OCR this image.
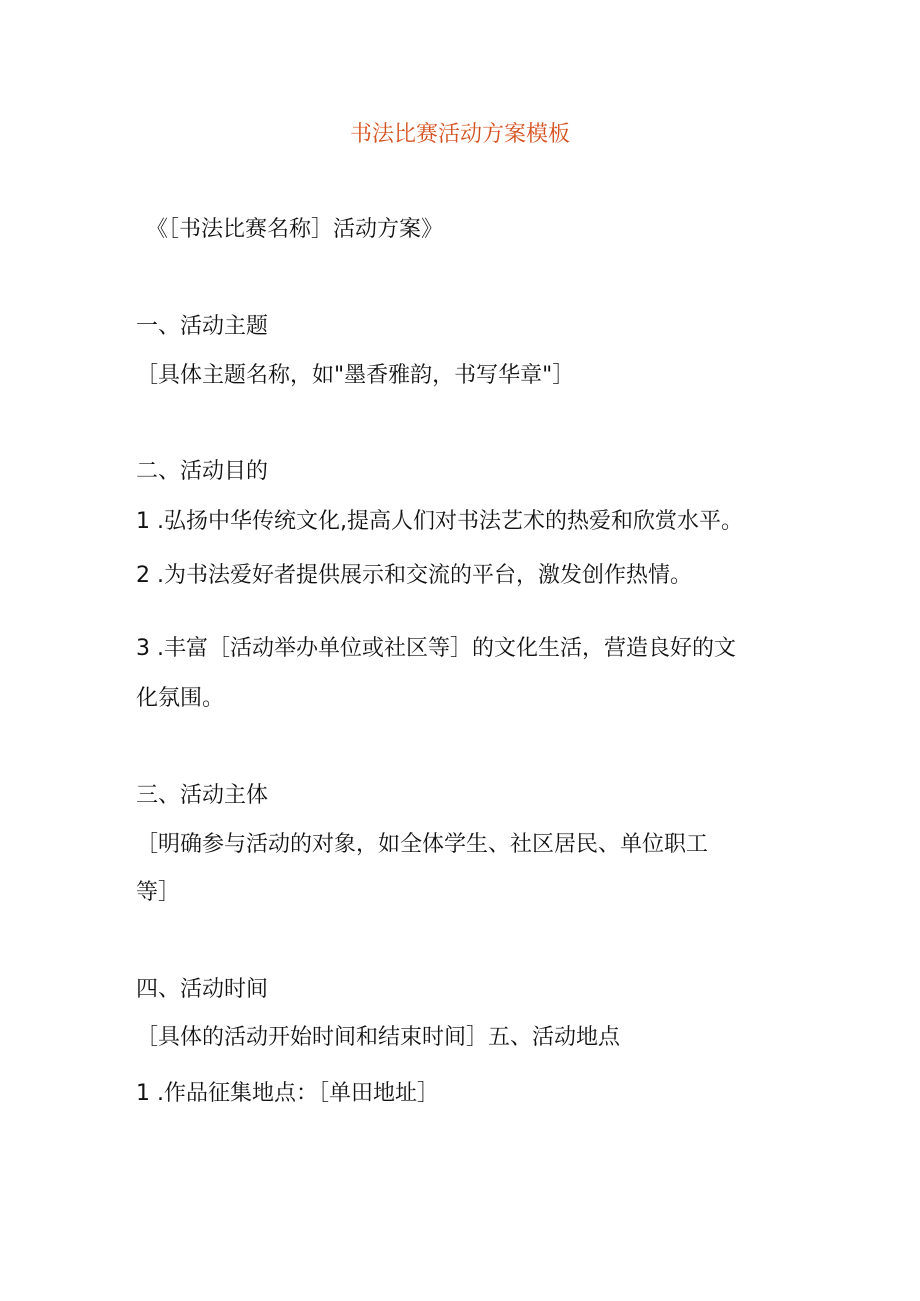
书法比赛活动方案模板
《［书法比赛名称］活动方案》
一、活动主题
［具体主题名称，如"墨香雅韵，书写华章"］
二、活动目的
1 .弘扬中华传统文化,提高人们对书法艺术的热爱和欣赏水平。
2 .为书法爱好者提供展示和交流的平台，激发创作热情。
3 .丰富［活动举办单位或社区等］的文化生活，营造良好的文
化氛围。
三、活动主体
［明确参与活动的对象，如全体学生、社区居民、单位职工
等］
四、活动时间
［具体的活动开始时间和结束时间］五、活动地点
1 .作品征集地点：［单田地址］
